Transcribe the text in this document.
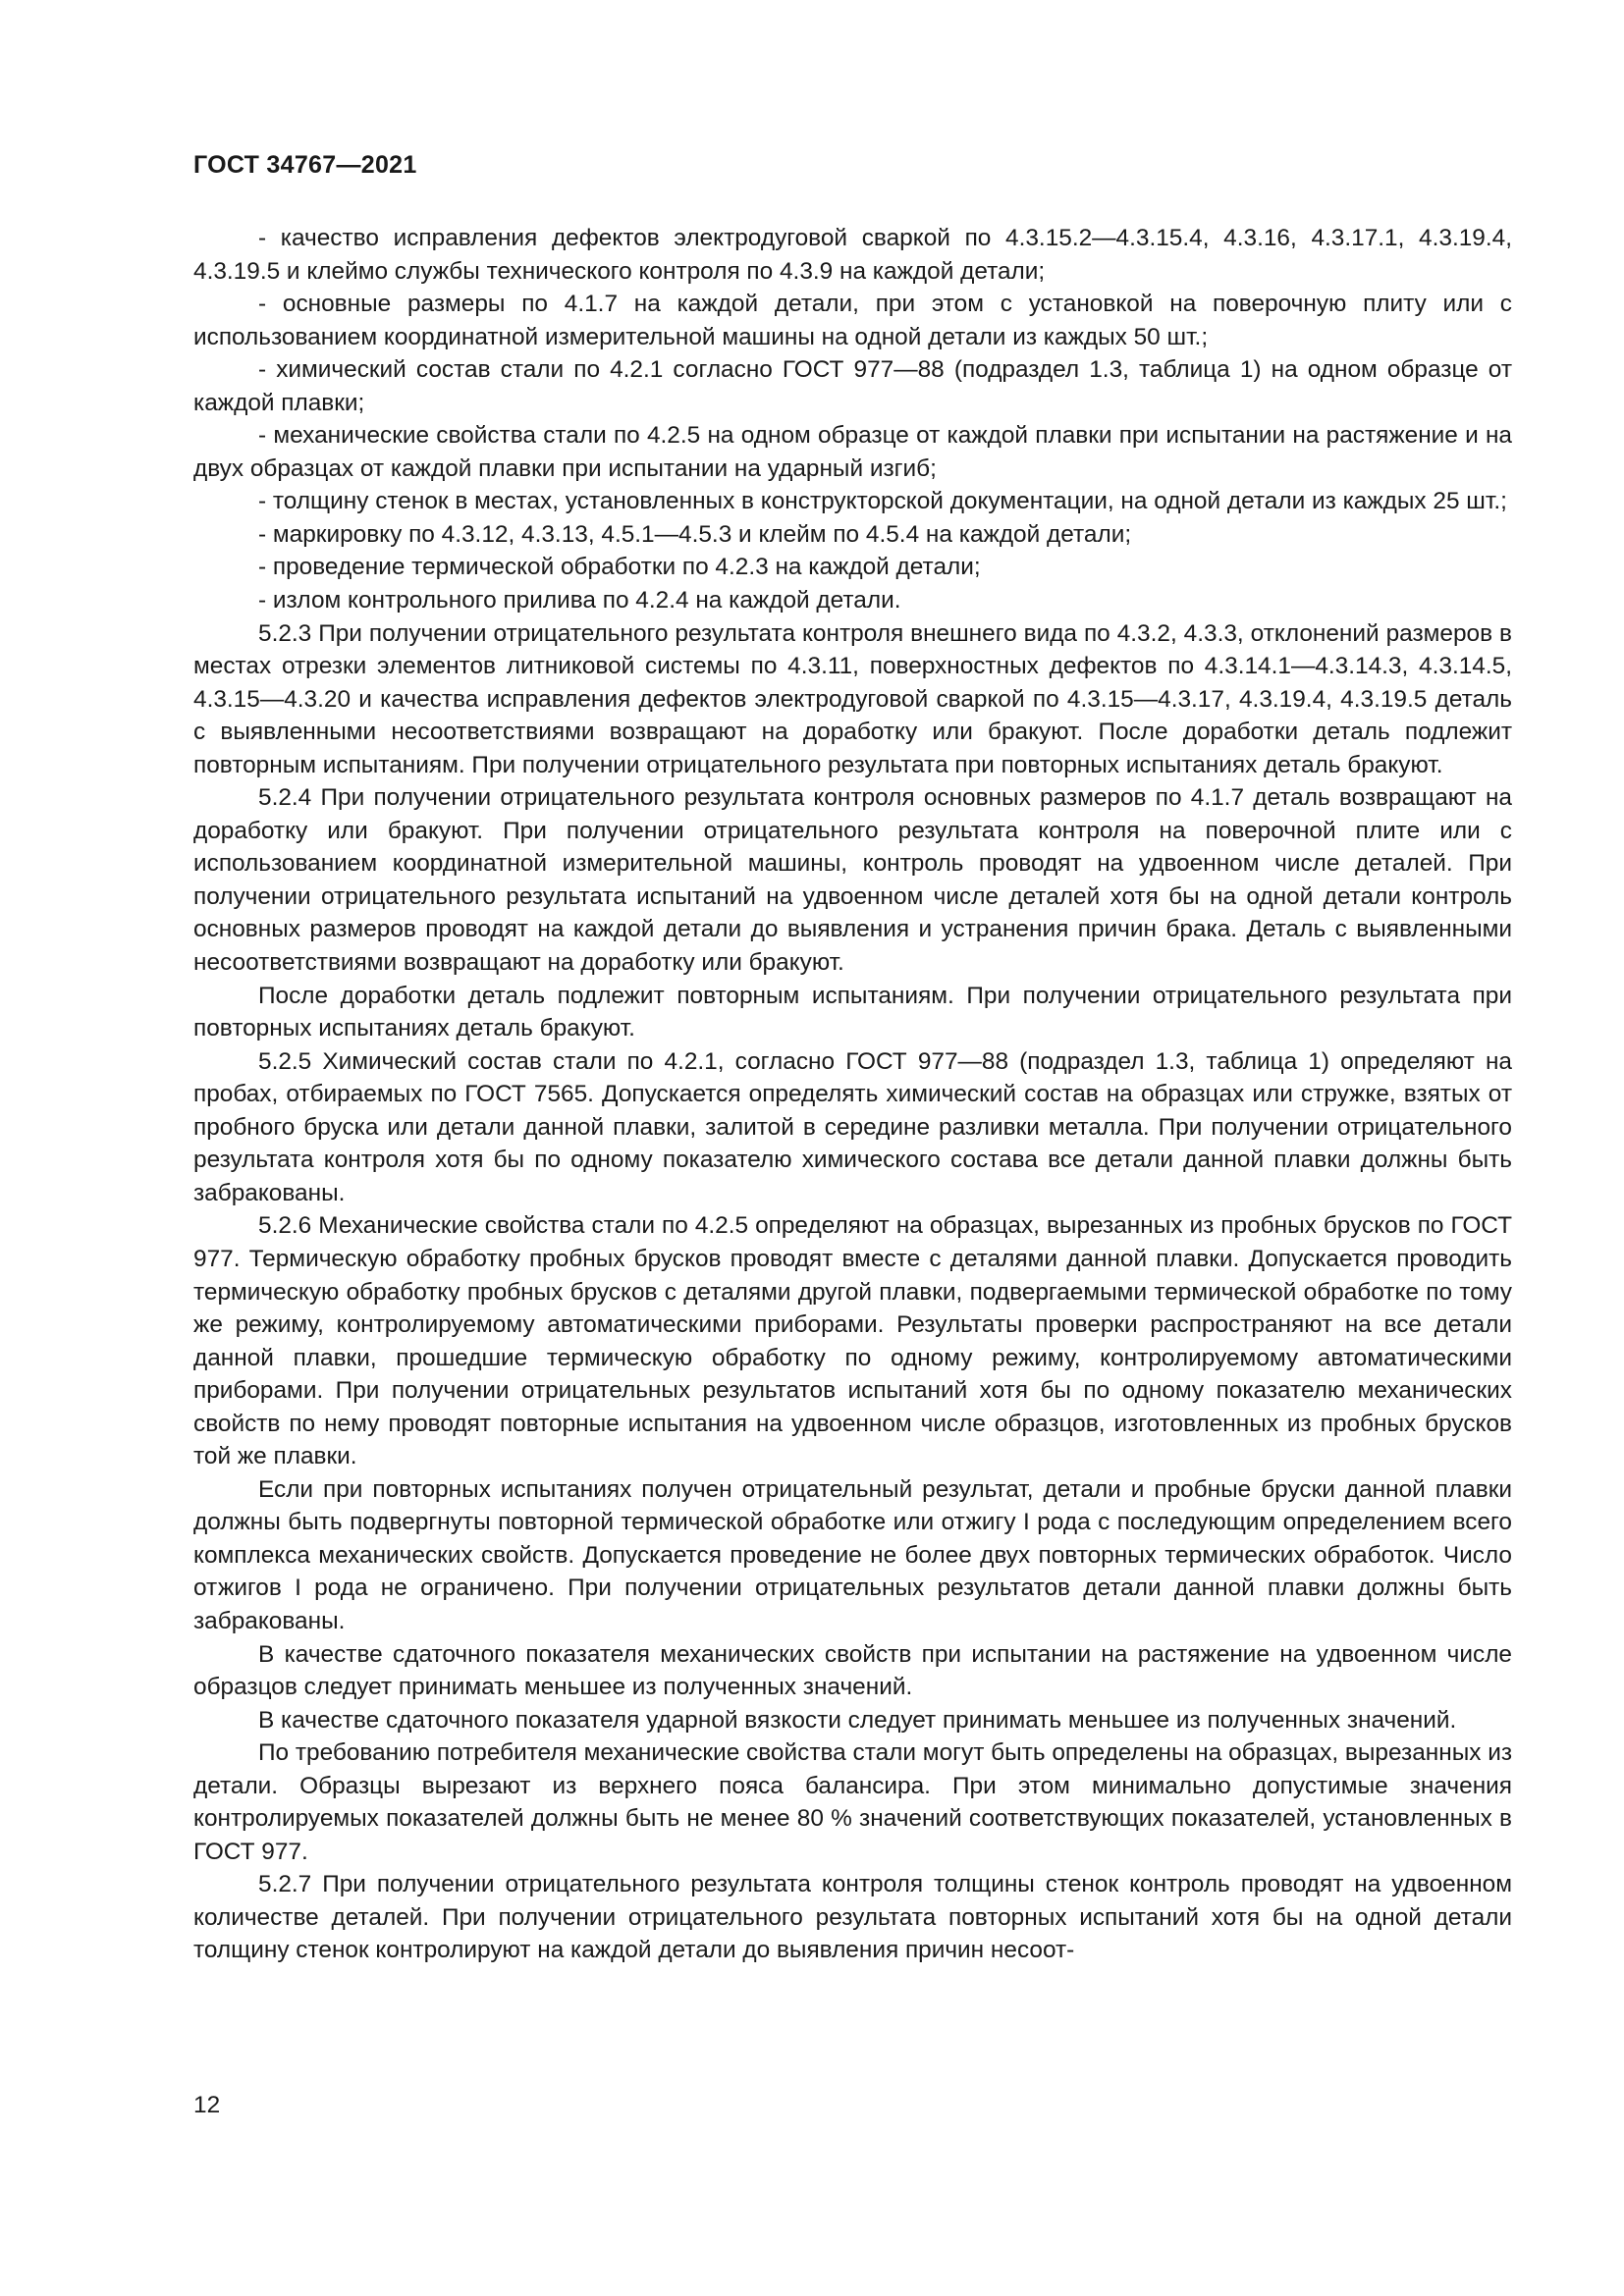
ГОСТ 34767—2021

- качество исправления дефектов электродуговой сваркой по 4.3.15.2—4.3.15.4, 4.3.16, 4.3.17.1, 4.3.19.4, 4.3.19.5 и клеймо службы технического контроля по 4.3.9 на каждой детали;

- основные размеры по 4.1.7 на каждой детали, при этом с установкой на поверочную плиту или с использованием координатной измерительной машины на одной детали из каждых 50 шт.;

- химический состав стали по 4.2.1 согласно ГОСТ 977—88 (подраздел 1.3, таблица 1) на одном образце от каждой плавки;

- механические свойства стали по 4.2.5 на одном образце от каждой плавки при испытании на растяжение и на двух образцах от каждой плавки при испытании на ударный изгиб;

- толщину стенок в местах, установленных в конструкторской документации, на одной детали из каждых 25 шт.;

- маркировку по 4.3.12, 4.3.13, 4.5.1—4.5.3 и клейм по 4.5.4 на каждой детали;

- проведение термической обработки по 4.2.3 на каждой детали;

- излом контрольного прилива по 4.2.4 на каждой детали.

5.2.3 При получении отрицательного результата контроля внешнего вида по 4.3.2, 4.3.3, отклонений размеров в местах отрезки элементов литниковой системы по 4.3.11, поверхностных дефектов по 4.3.14.1—4.3.14.3, 4.3.14.5, 4.3.15—4.3.20 и качества исправления дефектов электродуговой сваркой по 4.3.15—4.3.17, 4.3.19.4, 4.3.19.5 деталь с выявленными несоответствиями возвращают на доработку или бракуют. После доработки деталь подлежит повторным испытаниям. При получении отрицательного результата при повторных испытаниях деталь бракуют.

5.2.4 При получении отрицательного результата контроля основных размеров по 4.1.7 деталь возвращают на доработку или бракуют. При получении отрицательного результата контроля на поверочной плите или с использованием координатной измерительной машины, контроль проводят на удвоенном числе деталей. При получении отрицательного результата испытаний на удвоенном числе деталей хотя бы на одной детали контроль основных размеров проводят на каждой детали до выявления и устранения причин брака. Деталь с выявленными несоответствиями возвращают на доработку или бракуют.

После доработки деталь подлежит повторным испытаниям. При получении отрицательного результата при повторных испытаниях деталь бракуют.

5.2.5 Химический состав стали по 4.2.1, согласно ГОСТ 977—88 (подраздел 1.3, таблица 1) определяют на пробах, отбираемых по ГОСТ 7565. Допускается определять химический состав на образцах или стружке, взятых от пробного бруска или детали данной плавки, залитой в середине разливки металла. При получении отрицательного результата контроля хотя бы по одному показателю химического состава все детали данной плавки должны быть забракованы.

5.2.6 Механические свойства стали по 4.2.5 определяют на образцах, вырезанных из пробных брусков по ГОСТ 977. Термическую обработку пробных брусков проводят вместе с деталями данной плавки. Допускается проводить термическую обработку пробных брусков с деталями другой плавки, подвергаемыми термической обработке по тому же режиму, контролируемому автоматическими приборами. Результаты проверки распространяют на все детали данной плавки, прошедшие термическую обработку по одному режиму, контролируемому автоматическими приборами. При получении отрицательных результатов испытаний хотя бы по одному показателю механических свойств по нему проводят повторные испытания на удвоенном числе образцов, изготовленных из пробных брусков той же плавки.

Если при повторных испытаниях получен отрицательный результат, детали и пробные бруски данной плавки должны быть подвергнуты повторной термической обработке или отжигу I рода с последующим определением всего комплекса механических свойств. Допускается проведение не более двух повторных термических обработок. Число отжигов I рода не ограничено. При получении отрицательных результатов детали данной плавки должны быть забракованы.

В качестве сдаточного показателя механических свойств при испытании на растяжение на удвоенном числе образцов следует принимать меньшее из полученных значений.

В качестве сдаточного показателя ударной вязкости следует принимать меньшее из полученных значений.

По требованию потребителя механические свойства стали могут быть определены на образцах, вырезанных из детали. Образцы вырезают из верхнего пояса балансира. При этом минимально допустимые значения контролируемых показателей должны быть не менее 80 % значений соответствующих показателей, установленных в ГОСТ 977.

5.2.7 При получении отрицательного результата контроля толщины стенок контроль проводят на удвоенном количестве деталей. При получении отрицательного результата повторных испытаний хотя бы на одной детали толщину стенок контролируют на каждой детали до выявления причин несоот-

12
